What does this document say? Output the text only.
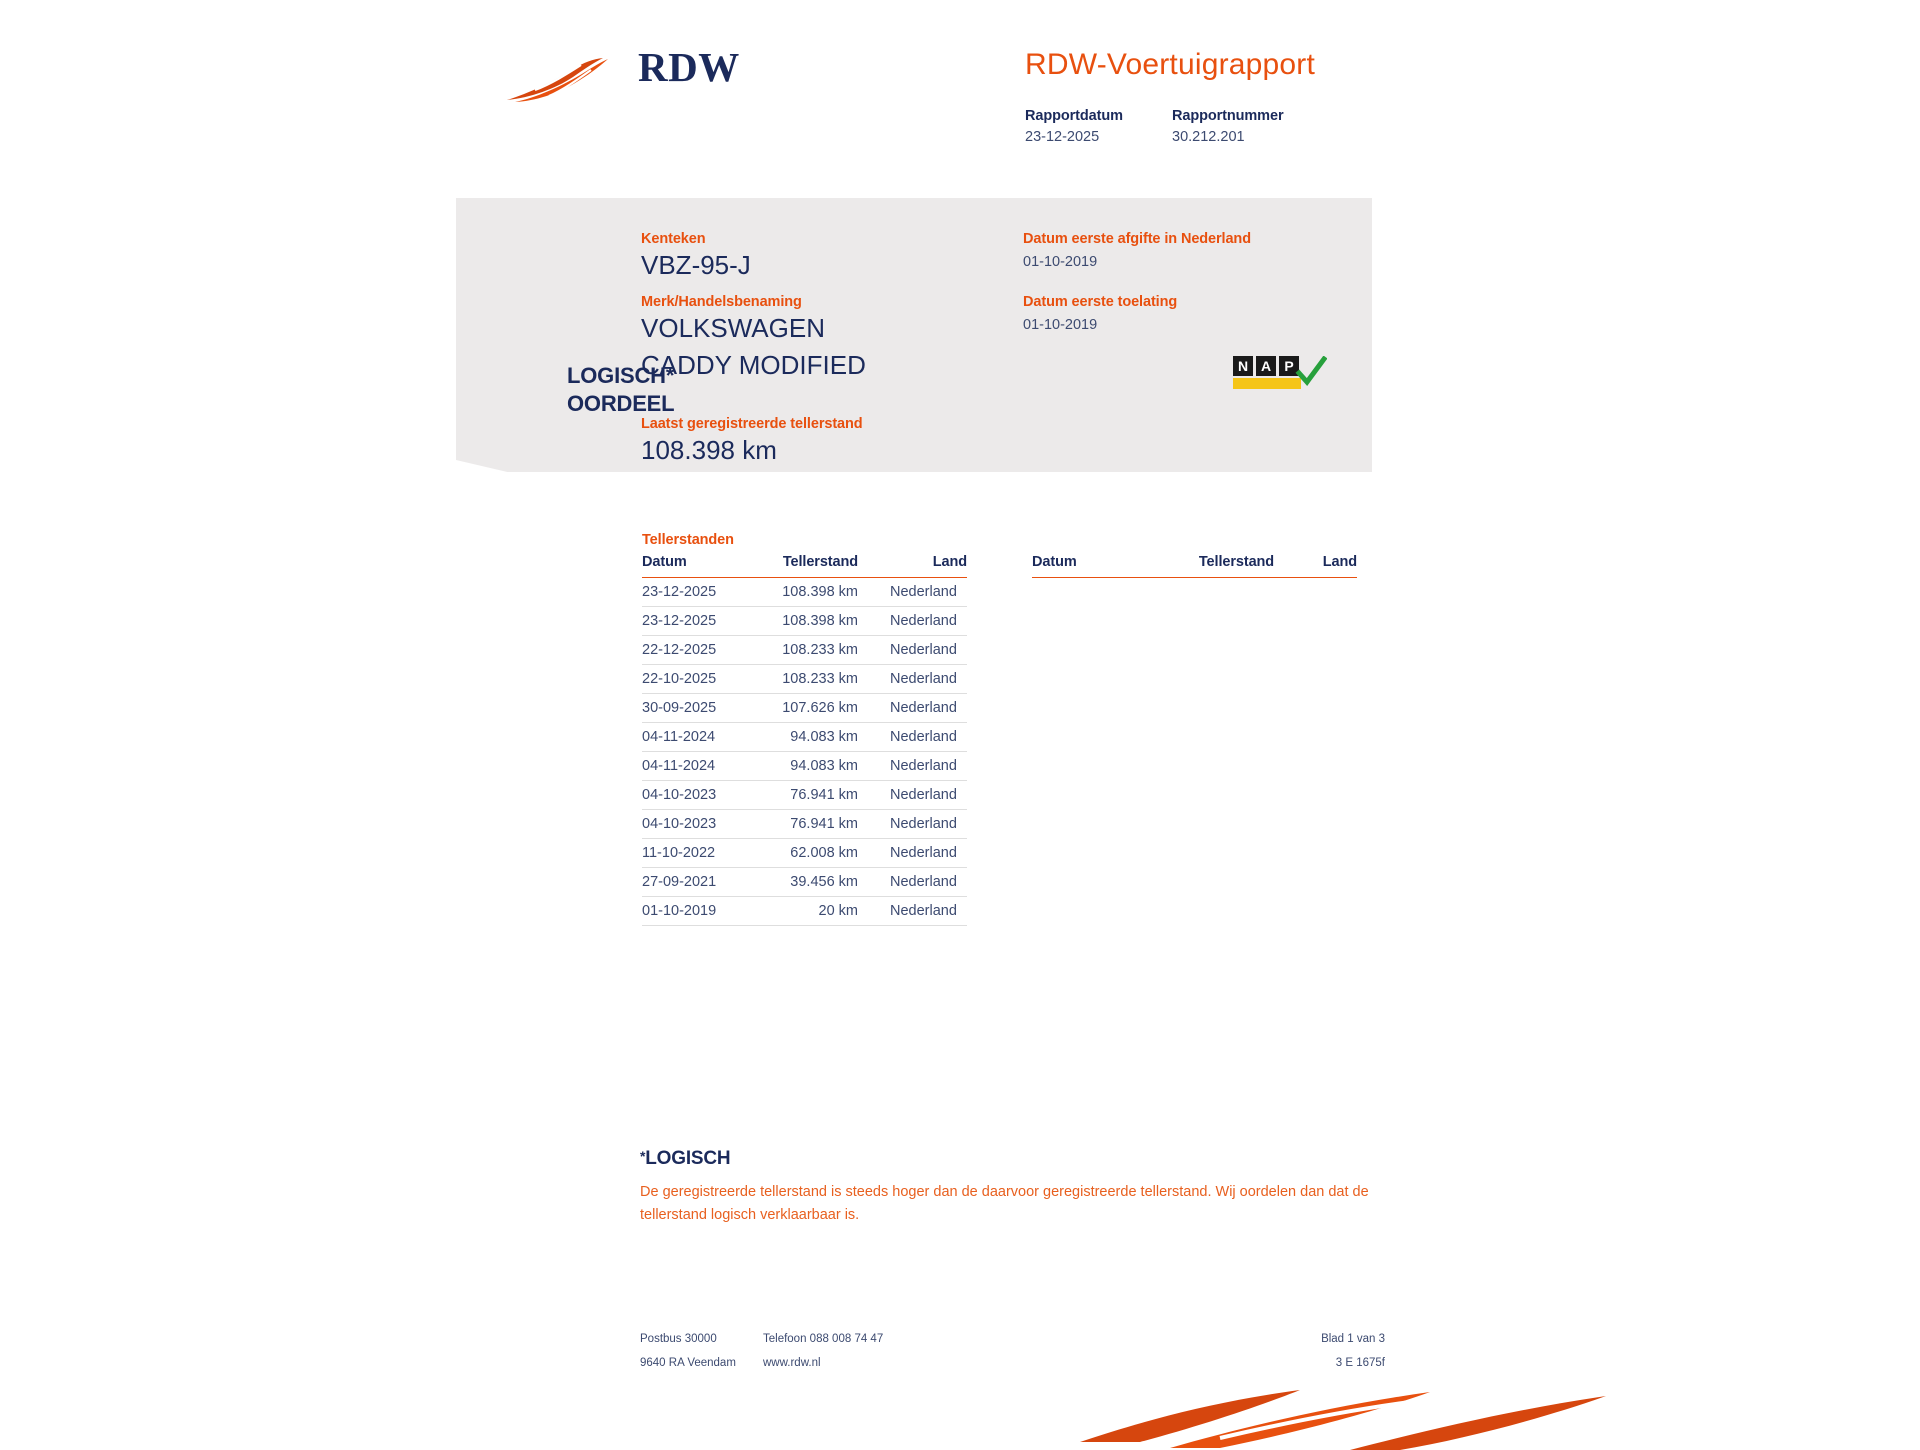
RDW	RDW-Voertuigrapport
Rapportdatum
23-12-2025
Rapportnummer
30.212.201
Kenteken
VBZ-95-J
Merk/Handelsbenaming
VOLKSWAGEN
CADDY MODIFIED
Laatst geregistreerde tellerstand
108.398 km
Datum eerste afgifte in Nederland
01-10-2019
Datum eerste toelating
01-10-2019
LOGISCH*
OORDEEL
N A P
Tellerstanden
Datum	Tellerstand	Land
23-12-2025	108.398 km	Nederland
23-12-2025	108.398 km	Nederland
22-12-2025	108.233 km	Nederland
22-10-2025	108.233 km	Nederland
30-09-2025	107.626 km	Nederland
04-11-2024	94.083 km	Nederland
04-11-2024	94.083 km	Nederland
04-10-2023	76.941 km	Nederland
04-10-2023	76.941 km	Nederland
11-10-2022	62.008 km	Nederland
27-09-2021	39.456 km	Nederland
01-10-2019	20 km	Nederland
Datum	Tellerstand	Land
*LOGISCH
De geregistreerde tellerstand is steeds hoger dan de daarvoor geregistreerde tellerstand. Wij oordelen dan dat de tellerstand logisch verklaarbaar is.
Postbus 30000
9640 RA Veendam
Telefoon 088 008 74 47
www.rdw.nl
Blad 1 van 3
3 E 1675f
